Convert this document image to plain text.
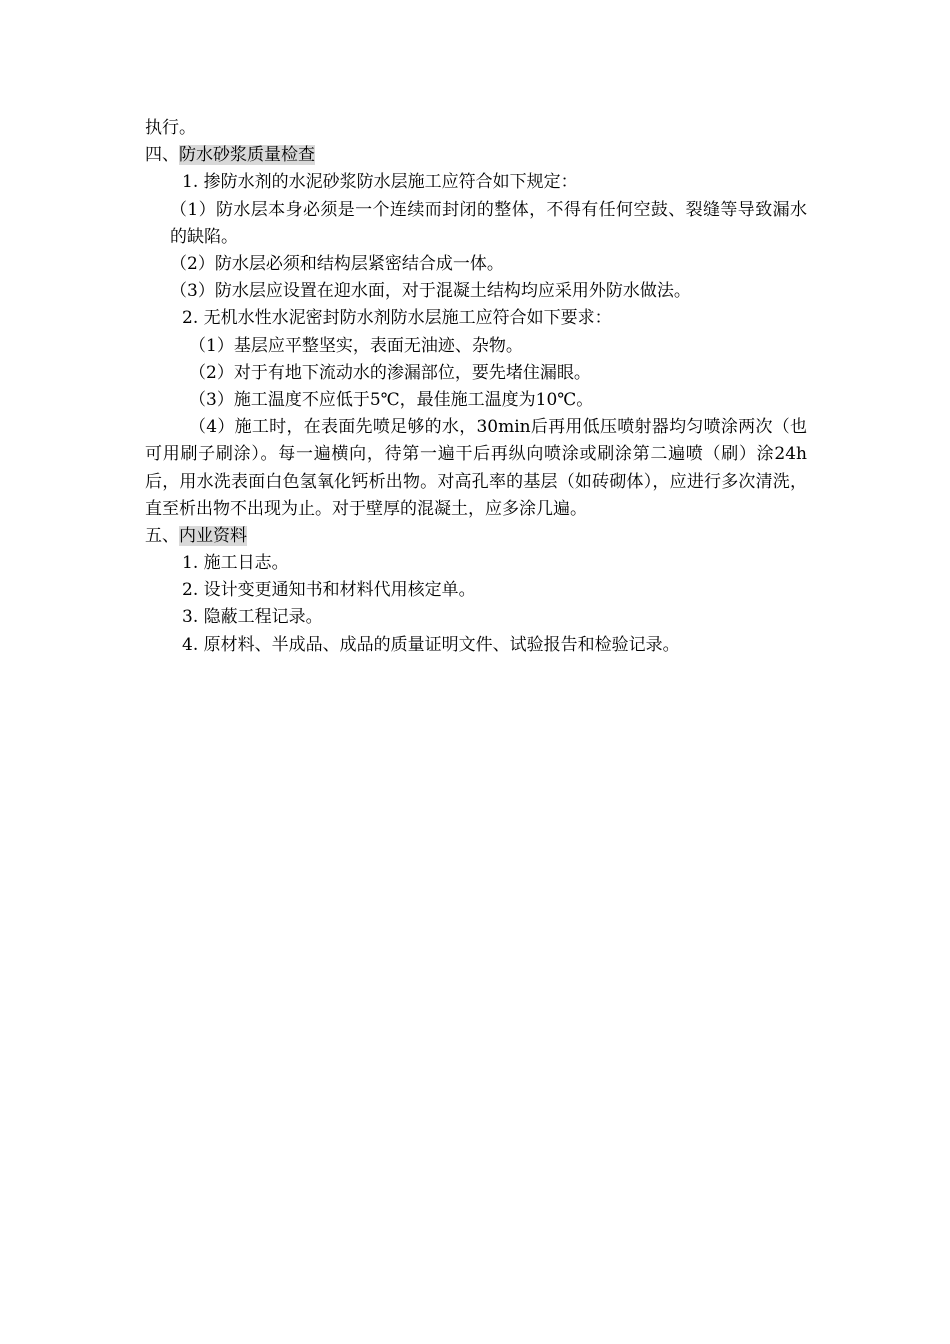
执行。
四、防水砂浆质量检查
1. 掺防水剂的水泥砂浆防水层施工应符合如下规定：
（1）防水层本身必须是一个连续而封闭的整体，不得有任何空鼓、裂缝等导致漏水的缺陷。
（2）防水层必须和结构层紧密结合成一体。
（3）防水层应设置在迎水面，对于混凝土结构均应采用外防水做法。
2. 无机水性水泥密封防水剂防水层施工应符合如下要求：
（1）基层应平整坚实，表面无油迹、杂物。
（2）对于有地下流动水的渗漏部位，要先堵住漏眼。
（3）施工温度不应低于5℃，最佳施工温度为10℃。
（4）施工时，在表面先喷足够的水，30min后再用低压喷射器均匀喷涂两次（也可用刷子刷涂）。每一遍横向，待第一遍干后再纵向喷涂或刷涂第二遍喷（刷）涂24h后，用水洗表面白色氢氧化钙析出物。对高孔率的基层（如砖砌体），应进行多次清洗，直至析出物不出现为止。对于壁厚的混凝土，应多涂几遍。
五、内业资料
1. 施工日志。
2. 设计变更通知书和材料代用核定单。
3. 隐蔽工程记录。
4. 原材料、半成品、成品的质量证明文件、试验报告和检验记录。
